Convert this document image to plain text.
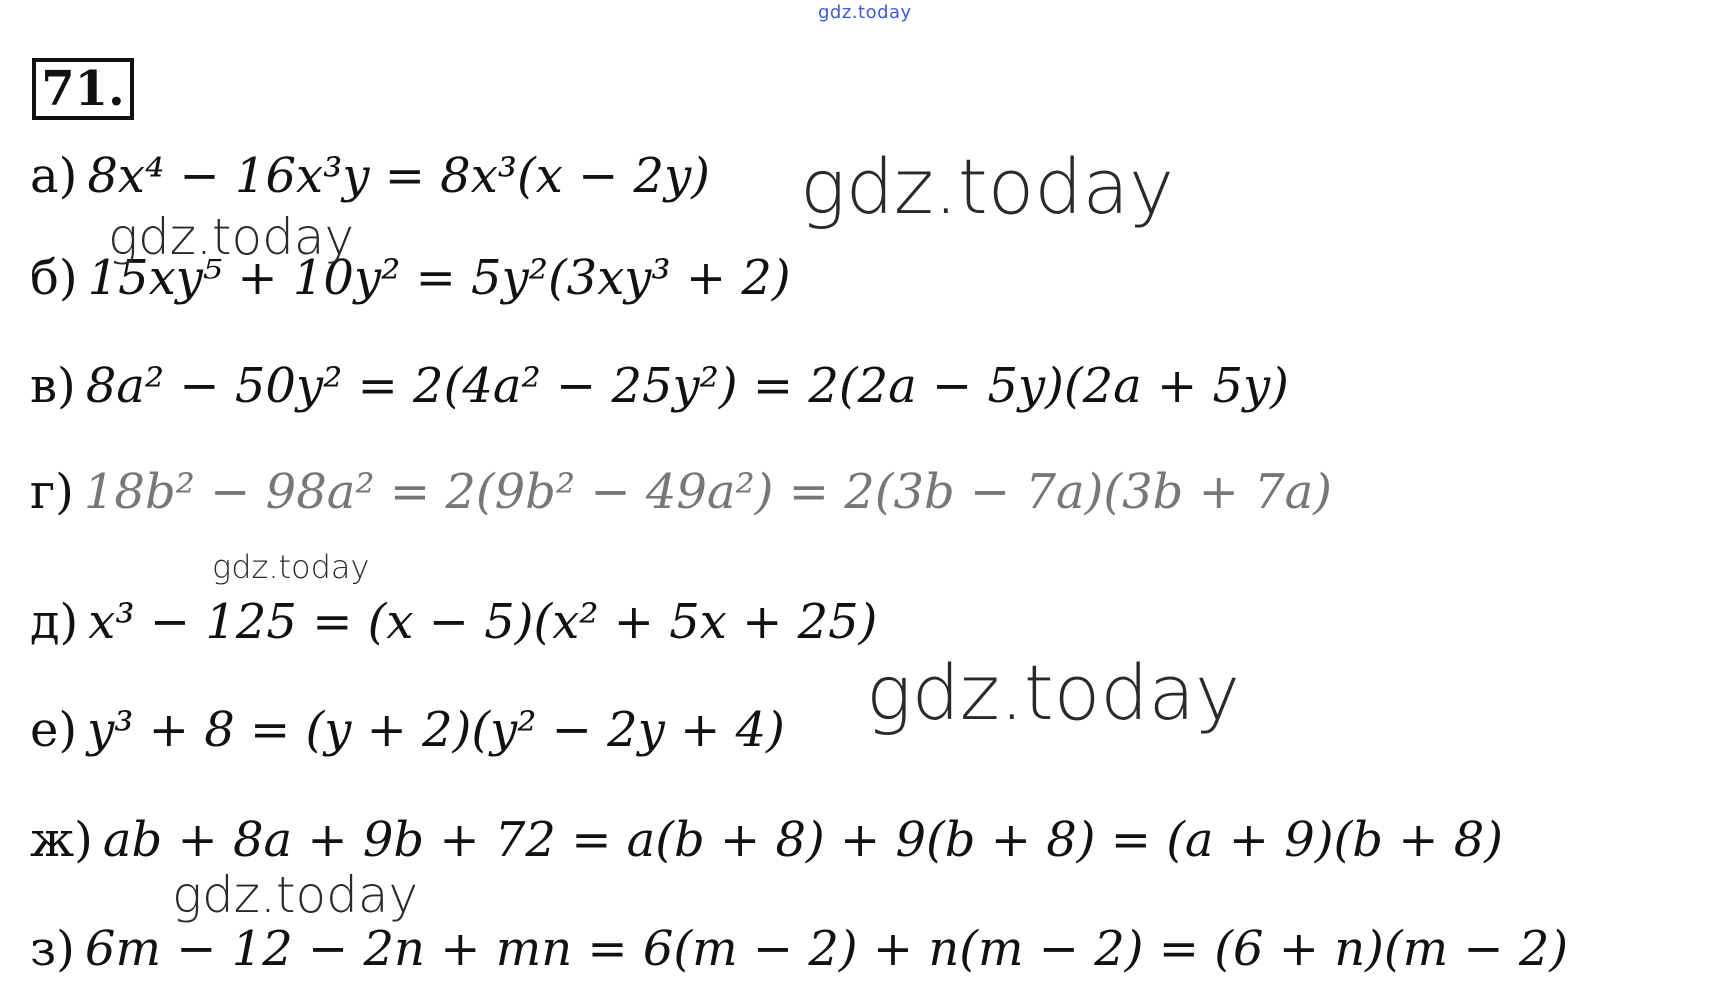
gdz.today
71.
а) 8x⁴ − 16x³y = 8x³(x − 2y)
б) 15xy⁵ + 10y² = 5y²(3xy³ + 2)
в) 8a² − 50y² = 2(4a² − 25y²) = 2(2a − 5y)(2a + 5y)
г) 18b² − 98a² = 2(9b² − 49a²) = 2(3b − 7a)(3b + 7a)
д) x³ − 125 = (x − 5)(x² + 5x + 25)
е) y³ + 8 = (y + 2)(y² − 2y + 4)
ж) ab + 8a + 9b + 72 = a(b + 8) + 9(b + 8) = (a + 9)(b + 8)
з) 6m − 12 − 2n + mn = 6(m − 2) + n(m − 2) = (6 + n)(m − 2)
gdz.today
gdz.today
gdz.today
gdz.today
gdz.today
